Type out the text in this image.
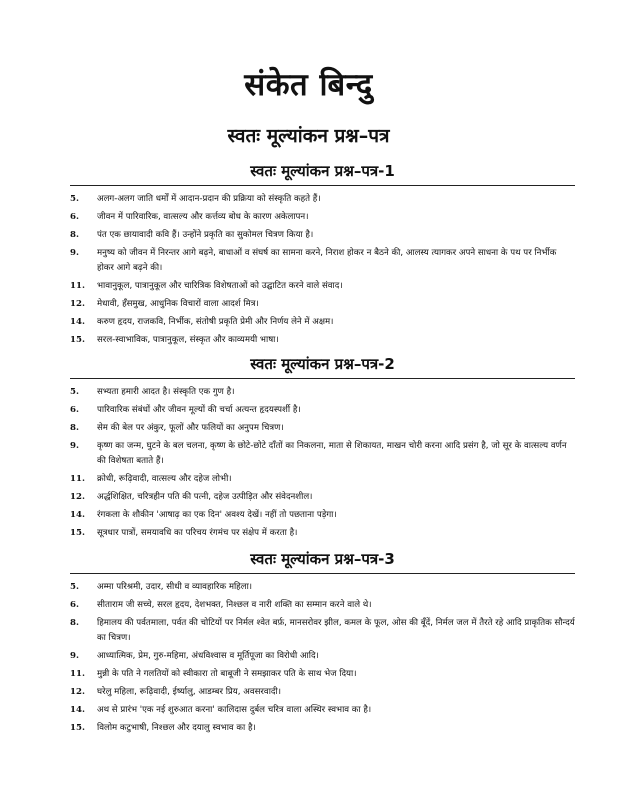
संकेत बिन्दु
स्वतः मूल्यांकन प्रश्न–पत्र
स्वतः मूल्यांकन प्रश्न–पत्र-1
5.	अलग-अलग जाति धर्मों में आदान-प्रदान की प्रक्रिया को संस्कृति कहते हैं।
6.	जीवन में पारिवारिक, वात्सल्य और कर्त्तव्य बोध के कारण अकेलापन।
8.	पंत एक छायावादी कवि हैं। उन्होंने प्रकृति का सुकोमल चित्रण किया है।
9.	मनुष्य को जीवन में निरन्तर आगे बढ़ने, बाधाओं व संघर्ष का सामना करने, निराश होकर न बैठने की, आलस्य त्यागकर अपने साधना के पथ पर निर्भीक होकर आगे बढ़ने की।
11.	भावानुकूल, पात्रानुकूल और चारित्रिक विशेषताओं को उद्घाटित करने वाले संवाद।
12.	मेधावी, हँसमुख, आधुनिक विचारों वाला आदर्श मित्र।
14.	करुण हृदय, राजकवि, निर्भीक, संतोषी प्रकृति प्रेमी और निर्णय लेने में अक्षम।
15.	सरल-स्वाभाविक, पात्रानुकूल, संस्कृत और काव्यमयी भाषा।
स्वतः मूल्यांकन प्रश्न–पत्र-2
5.	सभ्यता हमारी आदत है। संस्कृति एक गुण है।
6.	पारिवारिक संबंधों और जीवन मूल्यों की चर्चा अत्यन्त हृदयस्पर्शी है।
8.	सेम की बेल पर अंकुर, फूलों और फलियों का अनुपम चित्रण।
9.	कृष्ण का जन्म, घुटने के बल चलना, कृष्ण के छोटे-छोटे दाँतों का निकलना, माता से शिकायत, माखन चोरी करना आदि प्रसंग है, जो सूर के वात्सल्य वर्णन की विशेषता बताते हैं।
11.	क्रोधी, रूढ़िवादी, वात्सल्य और दहेज लोभी।
12.	अर्द्धशिक्षित, चरित्रहीन पति की पत्नी, दहेज उत्पीड़ित और संवेदनशील।
14.	रंगकला के शौकीन 'आषाढ़ का एक दिन' अवश्य देखें। नहीं तो पछताना पड़ेगा।
15.	सूत्रधार पात्रों, समयावधि का परिचय रंगमंच पर संक्षेप में करता है।
स्वतः मूल्यांकन प्रश्न–पत्र-3
5.	अम्मा परिश्रमी, उदार, सीधी व व्यावहारिक महिला।
6.	सीताराम जी सच्चे, सरल हृदय, देशभक्त, निश्छल व नारी शक्ति का सम्मान करने वाले थे।
8.	हिमालय की पर्वतमाला, पर्वत की चोटियों पर निर्मल श्वेत बर्फ़, मानसरोवर झील, कमल के फूल, ओस की बूँदें, निर्मल जल में तैरते रहे आदि प्राकृतिक सौन्दर्य का चित्रण।
9.	आध्यात्मिक, प्रेम, गुरु-महिमा, अंधविश्वास व मूर्तिपूजा का विरोधी आदि।
11.	मुन्नी के पति ने गलतियों को स्वीकारा तो बाबूजी ने समझाकर पति के साथ भेज दिया।
12.	घरेलु महिला, रूढ़िवादी, ईर्ष्यालु, आडम्बर प्रिय, अवसरवादी।
14.	अथ से प्रारंभ 'एक नई शुरुआत करना' कालिदास दुर्बल चरित्र वाला अस्थिर स्वभाव का है।
15.	विलोम कटुभाषी, निश्छल और दयालु स्वभाव का है।
